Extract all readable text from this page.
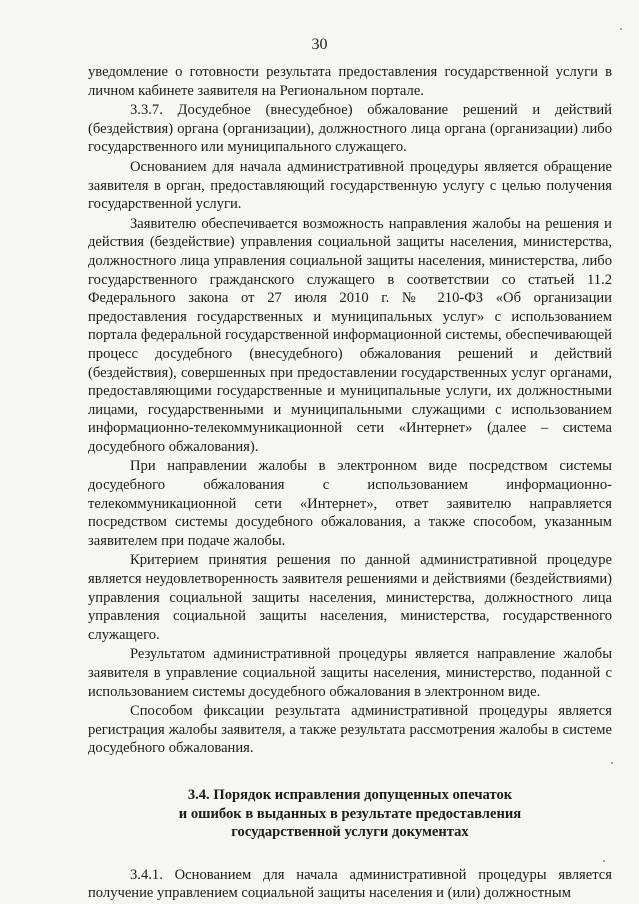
30

уведомление о готовности результата предоставления государственной услуги в личном кабинете заявителя на Региональном портале.

3.3.7. Досудебное (внесудебное) обжалование решений и действий (бездействия) органа (организации), должностного лица органа (организации) либо государственного или муниципального служащего.

Основанием для начала административной процедуры является обращение заявителя в орган, предоставляющий государственную услугу с целью получения государственной услуги.

Заявителю обеспечивается возможность направления жалобы на решения и действия (бездействие) управления социальной защиты населения, министерства, должностного лица управления социальной защиты населения, министерства, либо государственного гражданского служащего в соответствии со статьей 11.2 Федерального закона от 27 июля 2010 г. № 210-ФЗ «Об организации предоставления государственных и муниципальных услуг» с использованием портала федеральной государственной информационной системы, обеспечивающей процесс досудебного (внесудебного) обжалования решений и действий (бездействия), совершенных при предоставлении государственных услуг органами, предоставляющими государственные и муниципальные услуги, их должностными лицами, государственными и муниципальными служащими с использованием информационно-телекоммуникационной сети «Интернет» (далее – система досудебного обжалования).

При направлении жалобы в электронном виде посредством системы досудебного обжалования с использованием информационно-телекоммуникационной сети «Интернет», ответ заявителю направляется посредством системы досудебного обжалования, а также способом, указанным заявителем при подаче жалобы.

Критерием принятия решения по данной административной процедуре является неудовлетворенность заявителя решениями и действиями (бездействиями) управления социальной защиты населения, министерства, должностного лица управления социальной защиты населения, министерства, государственного служащего.

Результатом административной процедуры является направление жалобы заявителя в управление социальной защиты населения, министерство, поданной с использованием системы досудебного обжалования в электронном виде.

Способом фиксации результата административной процедуры является регистрация жалобы заявителя, а также результата рассмотрения жалобы в системе досудебного обжалования.

3.4. Порядок исправления допущенных опечаток
и ошибок в выданных в результате предоставления
государственной услуги документах

3.4.1. Основанием для начала административной процедуры является получение управлением социальной защиты населения и (или) должностным
